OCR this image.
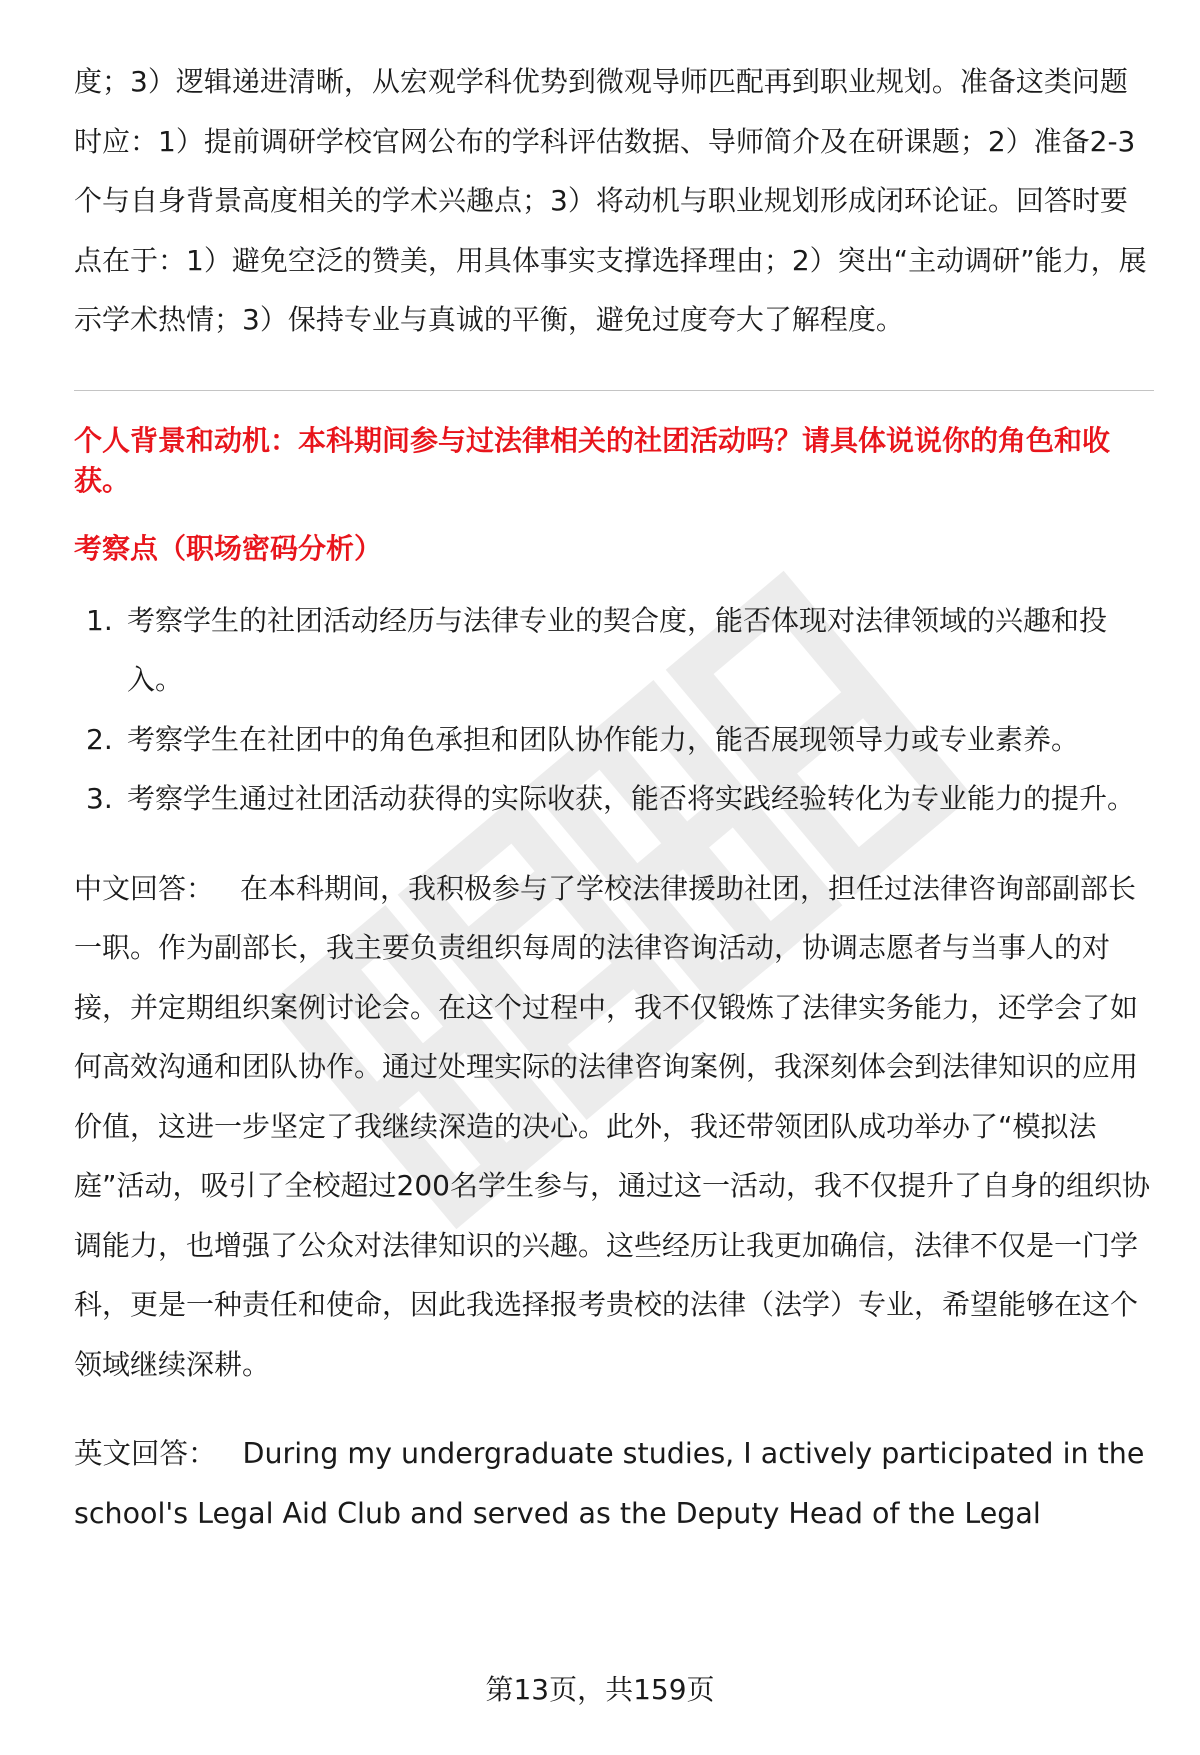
度；3）逻辑递进清晰，从宏观学科优势到微观导师匹配再到职业规划。准备这类问题时应：1）提前调研学校官网公布的学科评估数据、导师简介及在研课题；2）准备2-3个与自身背景高度相关的学术兴趣点；3）将动机与职业规划形成闭环论证。回答时要点在于：1）避免空泛的赞美，用具体事实支撑选择理由；2）突出“主动调研”能力，展示学术热情；3）保持专业与真诚的平衡，避免过度夸大了解程度。

个人背景和动机：本科期间参与过法律相关的社团活动吗？请具体说说你的角色和收获。

考察点（职场密码分析）

1. 考察学生的社团活动经历与法律专业的契合度，能否体现对法律领域的兴趣和投入。
2. 考察学生在社团中的角色承担和团队协作能力，能否展现领导力或专业素养。
3. 考察学生通过社团活动获得的实际收获，能否将实践经验转化为专业能力的提升。

中文回答： 在本科期间，我积极参与了学校法律援助社团，担任过法律咨询部副部长一职。作为副部长，我主要负责组织每周的法律咨询活动，协调志愿者与当事人的对接，并定期组织案例讨论会。在这个过程中，我不仅锻炼了法律实务能力，还学会了如何高效沟通和团队协作。通过处理实际的法律咨询案例，我深刻体会到法律知识的应用价值，这进一步坚定了我继续深造的决心。此外，我还带领团队成功举办了“模拟法庭”活动，吸引了全校超过200名学生参与，通过这一活动，我不仅提升了自身的组织协调能力，也增强了公众对法律知识的兴趣。这些经历让我更加确信，法律不仅是一门学科，更是一种责任和使命，因此我选择报考贵校的法律（法学）专业，希望能够在这个领域继续深耕。

英文回答： During my undergraduate studies, I actively participated in the school's Legal Aid Club and served as the Deputy Head of the Legal

第13页，共159页
